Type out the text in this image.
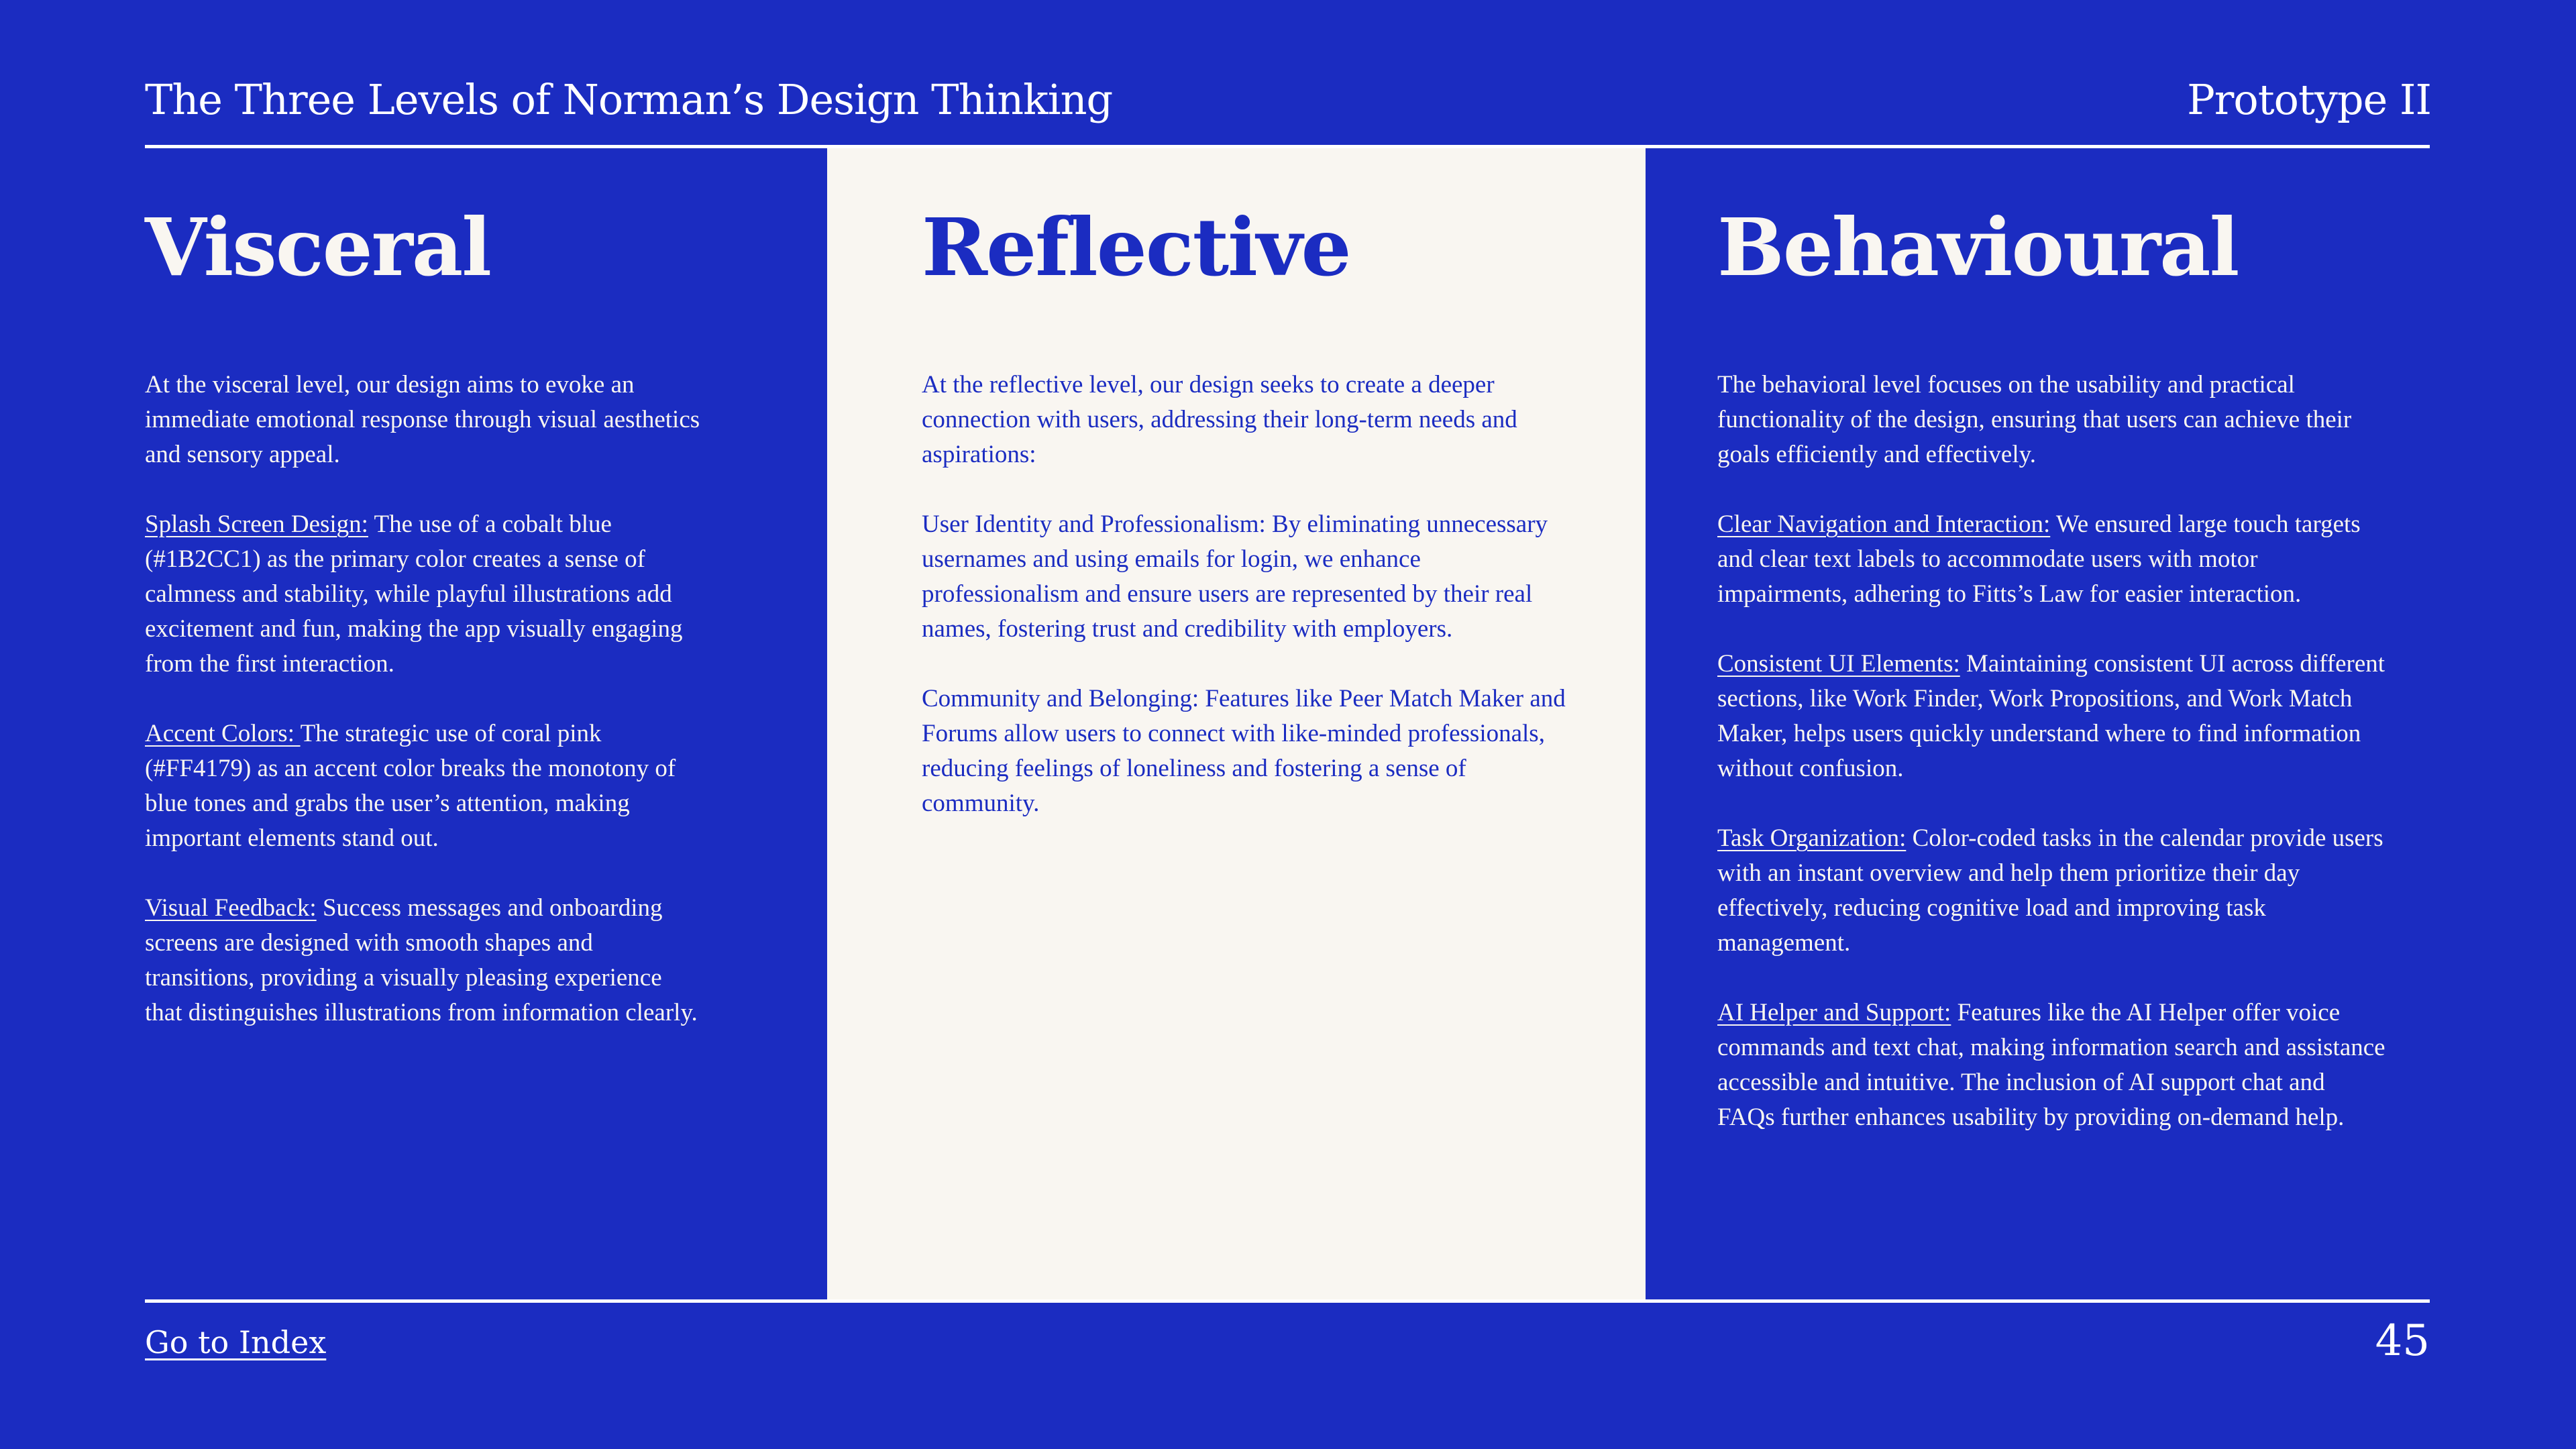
The Three Levels of Norman’s Design Thinking	Prototype II
Visceral

At the visceral level, our design aims to evoke an immediate emotional response through visual aesthetics and sensory appeal.

Splash Screen Design: The use of a cobalt blue (#1B2CC1) as the primary color creates a sense of calmness and stability, while playful illustrations add excitement and fun, making the app visually engaging from the first interaction.

Accent Colors: The strategic use of coral pink (#FF4179) as an accent color breaks the monotony of blue tones and grabs the user’s attention, making important elements stand out.

Visual Feedback: Success messages and onboarding screens are designed with smooth shapes and transitions, providing a visually pleasing experience that distinguishes illustrations from information clearly.

Reflective

At the reflective level, our design seeks to create a deeper connection with users, addressing their long-term needs and aspirations:

User Identity and Professionalism: By eliminating unnecessary usernames and using emails for login, we enhance professionalism and ensure users are represented by their real names, fostering trust and credibility with employers.

Community and Belonging: Features like Peer Match Maker and Forums allow users to connect with like-minded professionals, reducing feelings of loneliness and fostering a sense of community.

Behavioural

The behavioral level focuses on the usability and practical functionality of the design, ensuring that users can achieve their goals efficiently and effectively.

Clear Navigation and Interaction: We ensured large touch targets and clear text labels to accommodate users with motor impairments, adhering to Fitts’s Law for easier interaction.

Consistent UI Elements: Maintaining consistent UI across different sections, like Work Finder, Work Propositions, and Work Match Maker, helps users quickly understand where to find information without confusion.

Task Organization: Color-coded tasks in the calendar provide users with an instant overview and help them prioritize their day effectively, reducing cognitive load and improving task management.

AI Helper and Support: Features like the AI Helper offer voice commands and text chat, making information search and assistance accessible and intuitive. The inclusion of AI support chat and FAQs further enhances usability by providing on-demand help.

Go to Index	45
